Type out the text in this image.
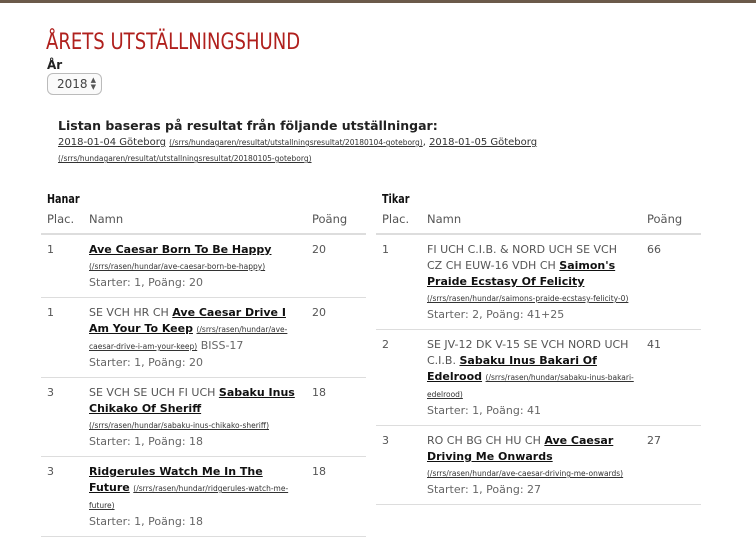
ÅRETS UTSTÄLLNINGSHUND
År
2018 ▲
▼
Listan baseras på resultat från följande utställningar:
2018-01-04 Göteborg (/srrs/hundagaren/resultat/utstallningsresultat/20180104-goteborg), 2018-01-05 Göteborg (/srrs/hundagaren/resultat/utstallningsresultat/20180105-goteborg)
Hanar
Plac.	Namn	Poäng
1	Ave Caesar Born To Be Happy (/srrs/rasen/hundar/ave-caesar-born-be-happy)
Starter: 1, Poäng: 20	20
1	SE VCH HR CH Ave Caesar Drive I Am Your To Keep (/srrs/rasen/hundar/ave-caesar-drive-i-am-your-keep) BISS-17
Starter: 1, Poäng: 20	20
3	SE VCH SE UCH FI UCH Sabaku Inus Chikako Of Sheriff (/srrs/rasen/hundar/sabaku-inus-chikako-sheriff)
Starter: 1, Poäng: 18	18
3	Ridgerules Watch Me In The Future (/srrs/rasen/hundar/ridgerules-watch-me-future)
Starter: 1, Poäng: 18	18
Tikar
Plac.	Namn	Poäng
1	FI UCH C.I.B. & NORD UCH SE VCH CZ CH EUW-16 VDH CH Saimon's Praide Ecstasy Of Felicity (/srrs/rasen/hundar/saimons-praide-ecstasy-felicity-0)
Starter: 2, Poäng: 41+25	66
2	SE JV-12 DK V-15 SE VCH NORD UCH C.I.B. Sabaku Inus Bakari Of Edelrood (/srrs/rasen/hundar/sabaku-inus-bakari-edelrood)
Starter: 1, Poäng: 41	41
3	RO CH BG CH HU CH Ave Caesar Driving Me Onwards (/srrs/rasen/hundar/ave-caesar-driving-me-onwards)
Starter: 1, Poäng: 27	27
